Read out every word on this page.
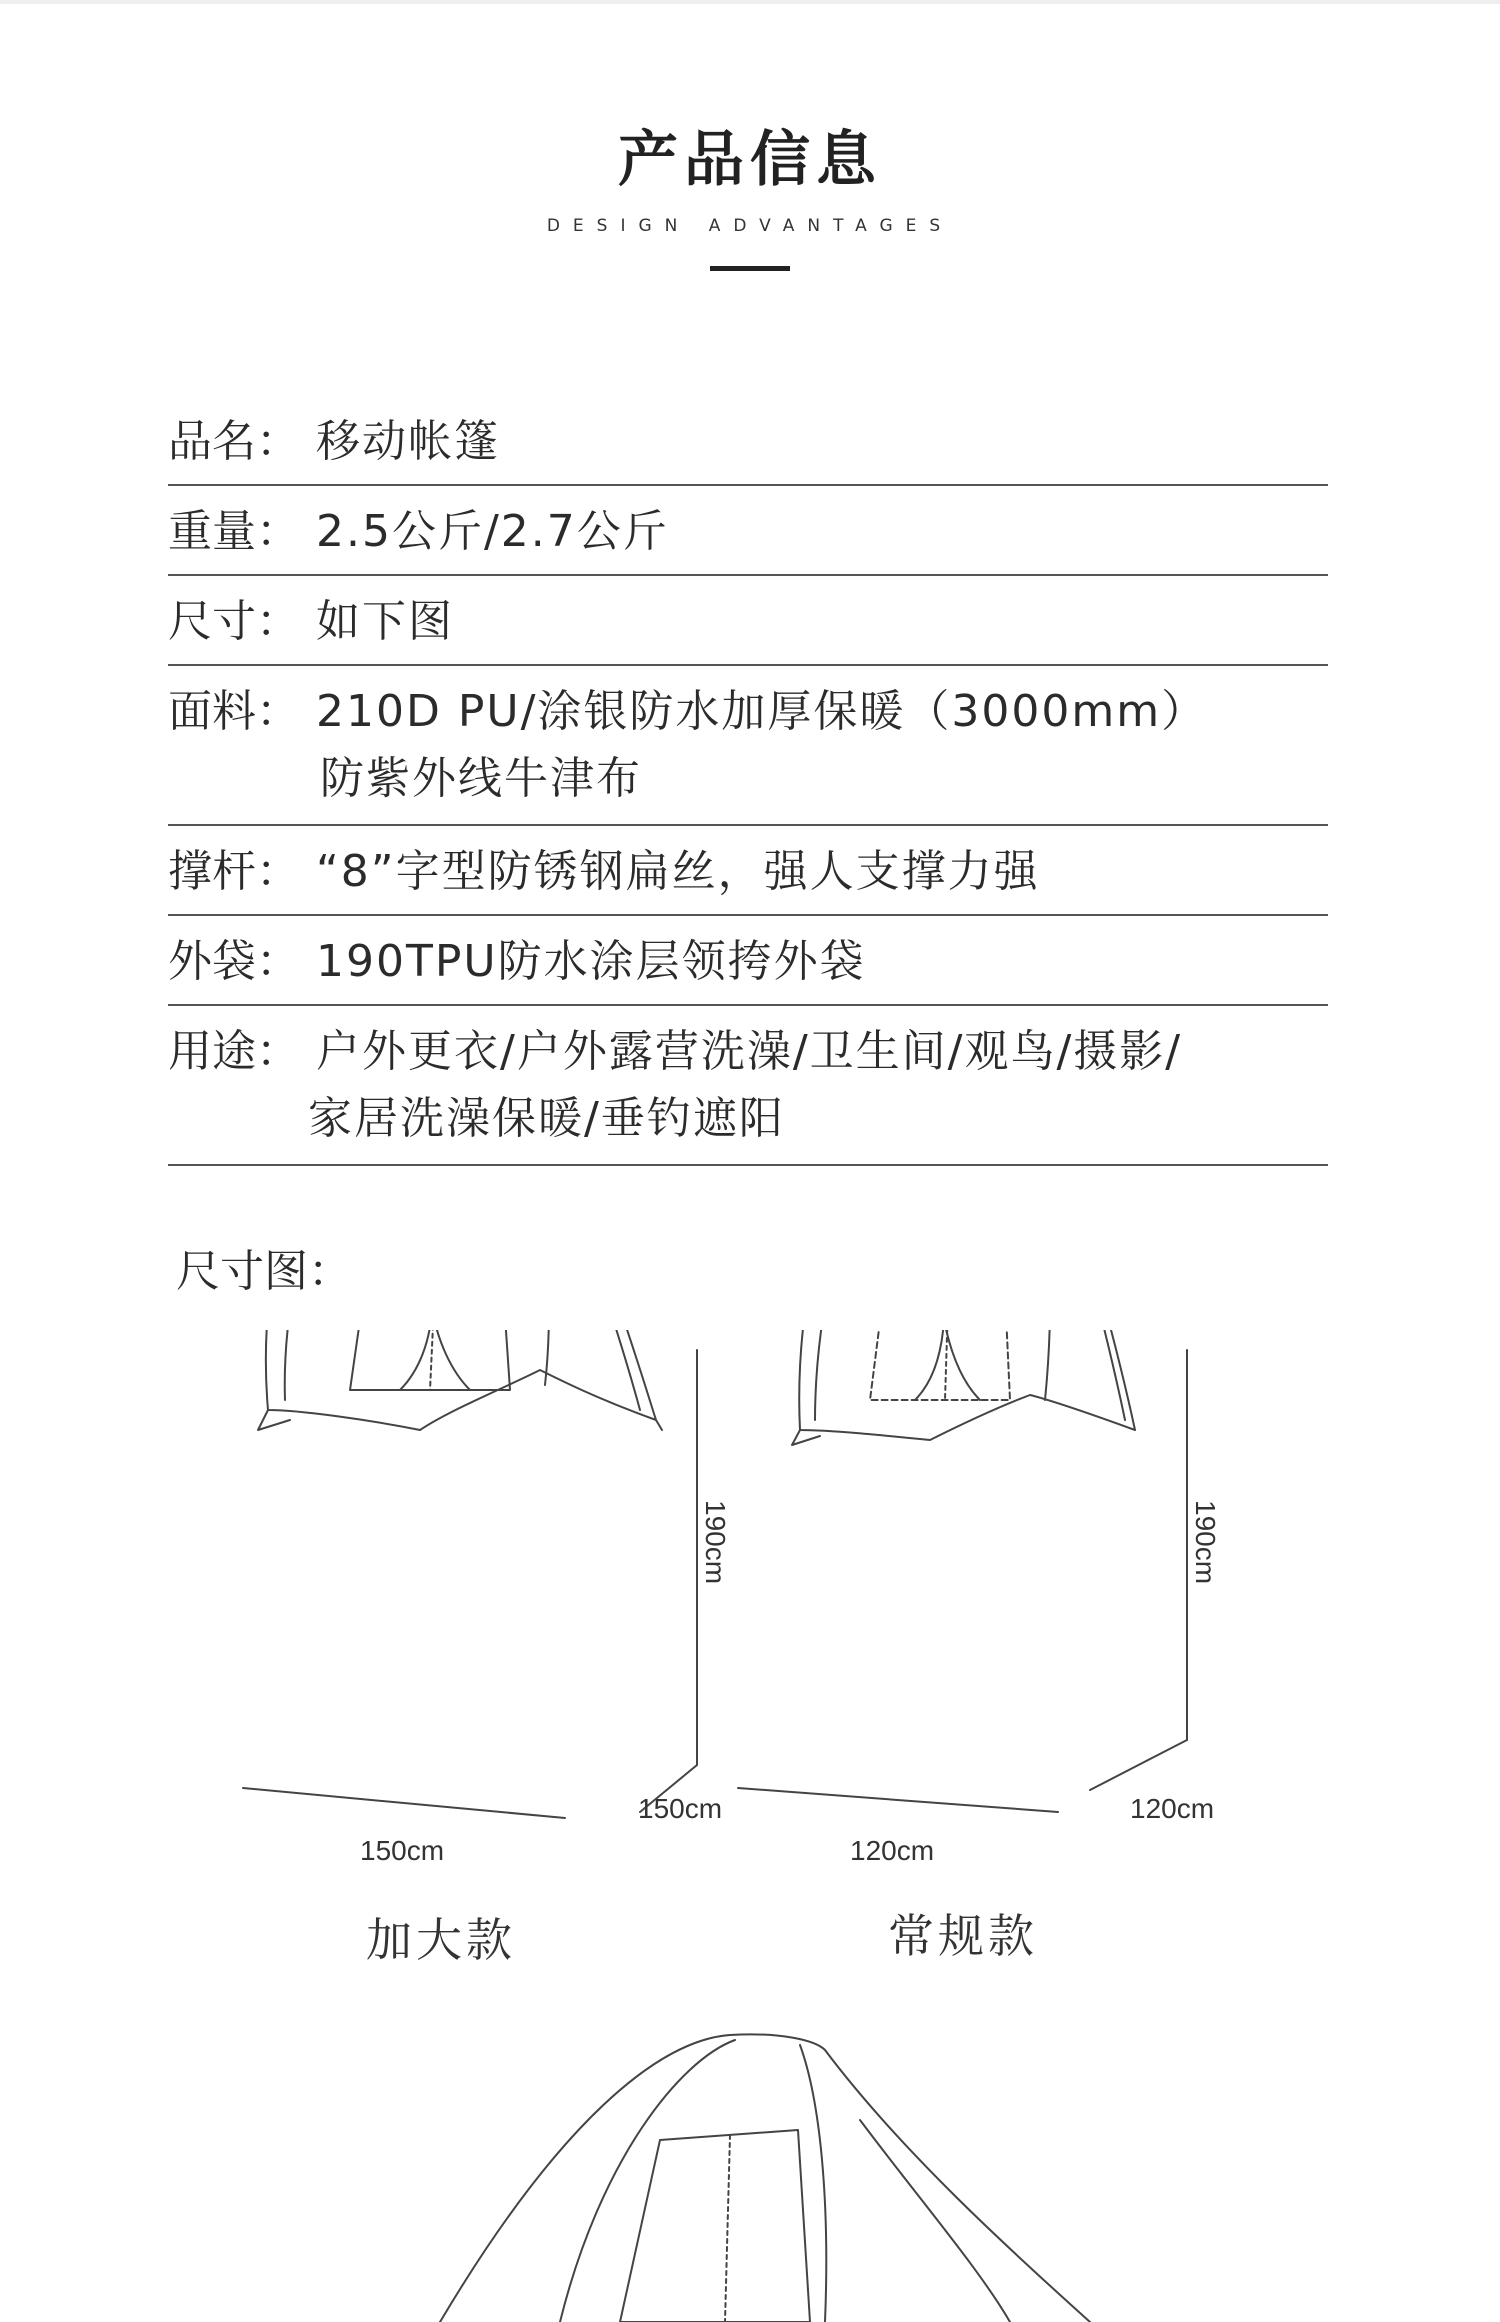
产品信息
DESIGN ADVANTAGES
品名： 移动帐篷
重量： 2.5公斤/2.7公斤
尺寸： 如下图
面料： 210D PU/涂银防水加厚保暖（3000mm）
防紫外线牛津布
撑杆： “8”字型防锈钢扁丝，强人支撑力强
外袋： 190TPU防水涂层领挎外袋
用途： 户外更衣/户外露营洗澡/卫生间/观鸟/摄影/
家居洗澡保暖/垂钓遮阳
尺寸图：
150cm
150cm
190cm
120cm
120cm
190cm
加大款	常规款
